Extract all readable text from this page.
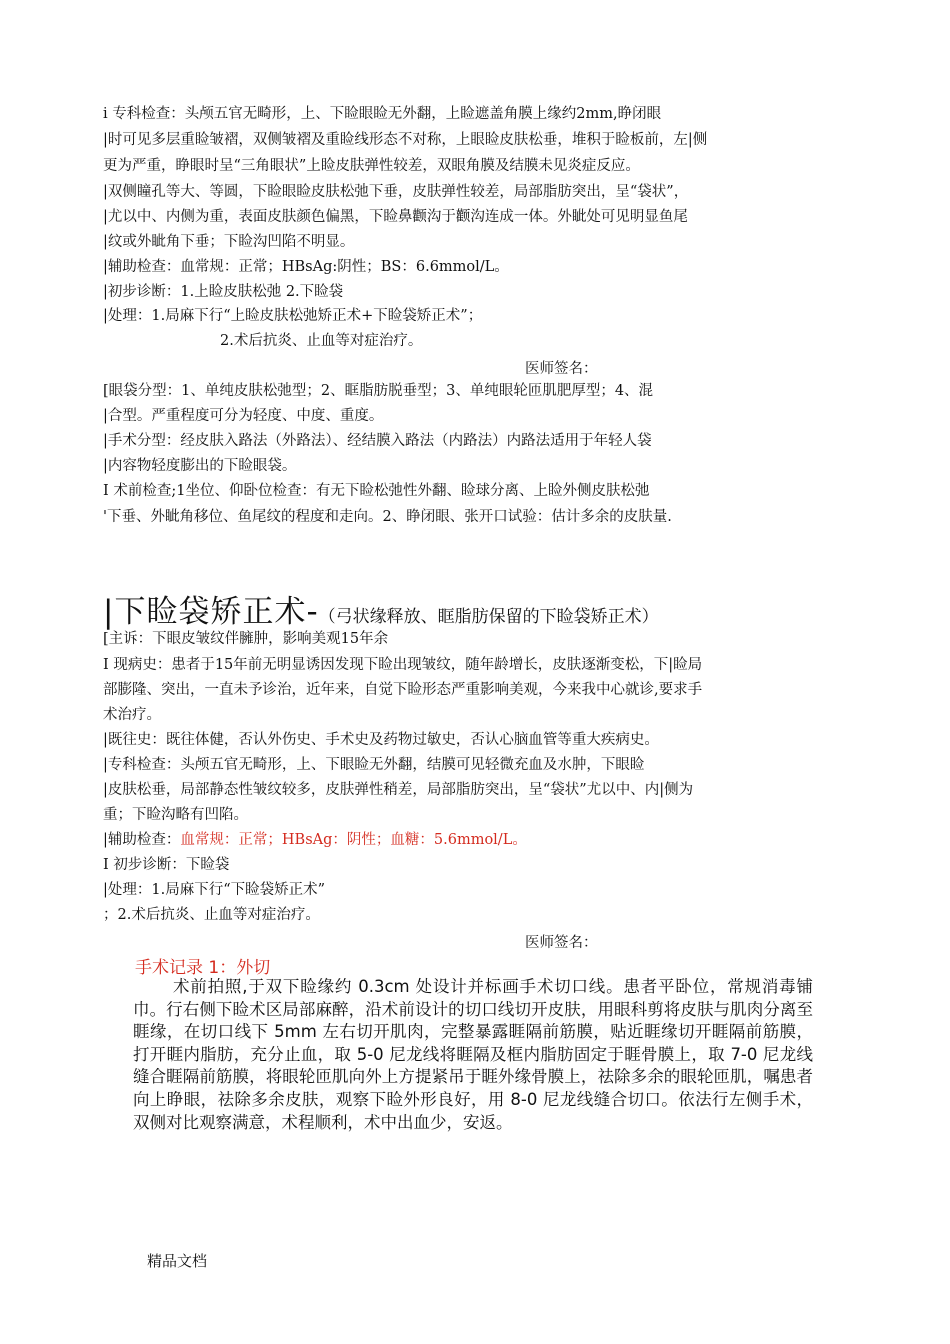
i 专科检查：头颅五官无畸形，上、下睑眼睑无外翻，上睑遮盖角膜上缘约2mm,睁闭眼
|时可见多层重睑皱褶，双侧皱褶及重睑线形态不对称，上眼睑皮肤松垂，堆积于睑板前，左|侧
更为严重，睁眼时呈“三角眼状”上睑皮肤弹性较差，双眼角膜及结膜未见炎症反应。
|双侧瞳孔等大、等圆，下睑眼睑皮肤松弛下垂，皮肤弹性较差，局部脂肪突出，呈“袋状”，
|尤以中、内侧为重，表面皮肤颜色偏黑，下睑鼻颧沟于颧沟连成一体。外眦处可见明显鱼尾
|纹或外眦角下垂；下睑沟凹陷不明显。
|辅助检查：血常规：正常；HBsAg:阴性；BS：6.6mmol/L。
|初步诊断：1.上睑皮肤松弛 2.下睑袋
|处理：1.局麻下行“上睑皮肤松弛矫正术+下睑袋矫正术”；
2.术后抗炎、止血等对症治疗。
医师签名：
[眼袋分型：1、单纯皮肤松弛型；2、眶脂肪脱垂型；3、单纯眼轮匝肌肥厚型；4、混
|合型。严重程度可分为轻度、中度、重度。
|手术分型：经皮肤入路法（外路法）、经结膜入路法（内路法）内路法适用于年轻人袋
|内容物轻度膨出的下睑眼袋。
I 术前检查;1坐位、仰卧位检查：有无下睑松弛性外翻、睑球分离、上睑外侧皮肤松弛
'下垂、外眦角移位、鱼尾纹的程度和走向。2、睁闭眼、张开口试验：估计多余的皮肤量.
|下睑袋矫正术-（弓状缘释放、眶脂肪保留的下睑袋矫正术）
[主诉：下眼皮皱纹伴臃肿，影响美观15年余
I 现病史：患者于15年前无明显诱因发现下睑出现皱纹，随年龄增长，皮肤逐渐变松，下|睑局
部膨隆、突出，一直未予诊治，近年来，自觉下睑形态严重影响美观，今来我中心就诊,要求手
术治疗。
|既往史：既往体健，否认外伤史、手术史及药物过敏史，否认心脑血管等重大疾病史。
|专科检查：头颅五官无畸形，上、下眼睑无外翻，结膜可见轻微充血及水肿，下眼睑
|皮肤松垂，局部静态性皱纹较多，皮肤弹性稍差，局部脂肪突出，呈“袋状”尤以中、内|侧为
重；下睑沟略有凹陷。
|辅助检查：血常规：正常；HBsAg：阴性；血糖：5.6mmol/L。
I 初步诊断：下睑袋
|处理：1.局麻下行“下睑袋矫正术”
；2.术后抗炎、止血等对症治疗。
医师签名：
手术记录 1：外切
术前拍照,于双下睑缘约 0.3cm 处设计并标画手术切口线。患者平卧位，常规消毒铺巾。行右侧下睑术区局部麻醉，沿术前设计的切口线切开皮肤，用眼科剪将皮肤与肌肉分离至睚缘，在切口线下 5mm 左右切开肌肉，完整暴露睚隔前筋膜，贴近睚缘切开睚隔前筋膜，打开睚内脂肪，充分止血，取 5-0 尼龙线将睚隔及框内脂肪固定于睚骨膜上，取 7-0 尼龙线缝合睚隔前筋膜，将眼轮匝肌向外上方提紧吊于睚外缘骨膜上，祛除多余的眼轮匝肌，嘱患者向上睁眼，祛除多余皮肤，观察下睑外形良好，用 8-0 尼龙线缝合切口。依法行左侧手术，双侧对比观察满意，术程顺利，术中出血少，安返。
精品文档
